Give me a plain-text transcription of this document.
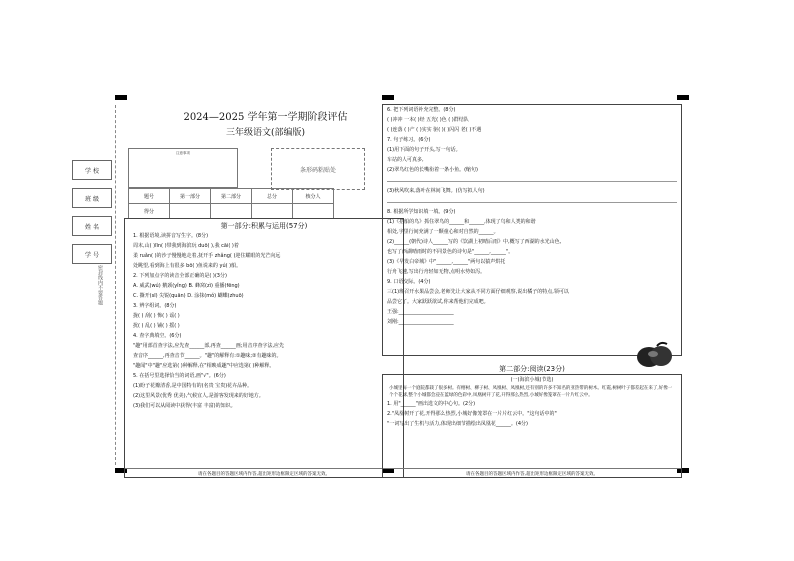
学 校
班 级
姓 名
学 号
密封线内不要答题
2024—2025 学年第一学期阶段评估
三年级语文(部编版)
注意事项
条形码粘贴处
题号	第一部分	第二部分	总分	核分人
得分				
第一部分:积累与运用(57分)
1. 根据语境,读拼音写生字。(8分)
周末,山( )līn( )带我到海滨玩 duō( ),我 cāi( )着
柔 ruǎn( )的沙子慢慢地走着,抚开手 zhǎng( )迎住耀眼的光芒向远
处眺望,看到海上有很多 bō( )鱼说来的 yú( )船。
2. 下列加点字的读音全部正确的是( )(3分)
A. 威武(wú) 鹅颈(yǐng) B. 蜂窝(zì) 重播(fēng)
C. 撕开(sī) 尖锐(quān) D. 涂抹(mǒ) 蝴蝶(zhuō)
3. 辨字组词。(8分)
拢( ) 刮( ) 怖( ) 谣( )
扰( ) 乱( ) 铺( ) 摇( )
4. 查字典填空。(6分)
"趣"用部首查字法,应先查______部,再查______画;用音序查字法,应先
查音序______,再查音节______。"趣"的解释有:①趣味;②有趣味的。
"趣闻"中"趣"应选第( )种解释,在"相映成趣"中应选第( )种解释。
5. 在括号里选择恰当的词语,画"√"。(6分)
(1)盼子花瓣清香,是中国特有的(名贵 宝贵)花卉品种。
(2)这里风景(优秀 优美),气候宜人,是游客发现来的好地方。
(3)我们可以从阅读中获得(丰富 丰富)的知识。
请在各题目的答题区域内作答,超出矩形边框限定区域的答案无效。
6. 把下列词语补充完整。(8分)
( )冲冲 一本( )经 五光( )色 ( )群结队
( )连落 ( )产 ( )实实 驱( )( )闪闪 老( )不遇
7. 句子练习。(6分)
(1)用下面的句子开头,写一句话。
车站的人可真多,
(2)翠鸟红色的长嘴衔着一条小鱼。(缩句)
(3)秋风吹来,落叶在林间飞舞。(仿写拟人句)
8. 根据所学知识填一填。(9分)
(1)《搭船的鸟》抓住翠鸟的______和______,体现了鸟和人类的和谐
相处,字里行间充满了一颗童心和对自然的______。
(2)______(朝代)诗人______写的《饮湖上初晴后雨》中,概写了西湖的水光山色,
也写了西湖晴雨时的不同景色的诗句是"______,______"。
(3)《早发白帝城》中"______,______"两句以猿声烘托
行舟飞速,写出行舟轻如无物,点明水势如泻。
9. 口语交际。(4分)
三(1)班召开水果品尝会,老师先让大家从不同方面仔细观察,说出橘子的特点,领可以
品尝它了。大家跃跃欲试,你来帮他们完成吧。
王强:______________________
刘刚:______________________
第二部分:阅读(23分)
(一)海滨小城(节选)
小城里每一个庭院都栽了很多树。有榕树、柳子树、凤凰树、凤凰树,还有别的许多不知名的亚热带的树木。红霞,树树叶子都差起在来了,好像一个个花球,整个小城都会浸在蓝绿的色彩中,凤凰树开了花,开得那么热烈,小城好像笼罩在一片片红云中。
1. 用"______"画出选文的中心句。(2分)
2."凤凰树开了花,开得那么热烈,小城好像笼罩在一片片红云中。"这句话中的"
"一词写出了生机与活力,体现出细节描绘出凤凰花______。(4分)
请在各题目的答题区域内作答,超出矩形边框限定区域的答案无效。
